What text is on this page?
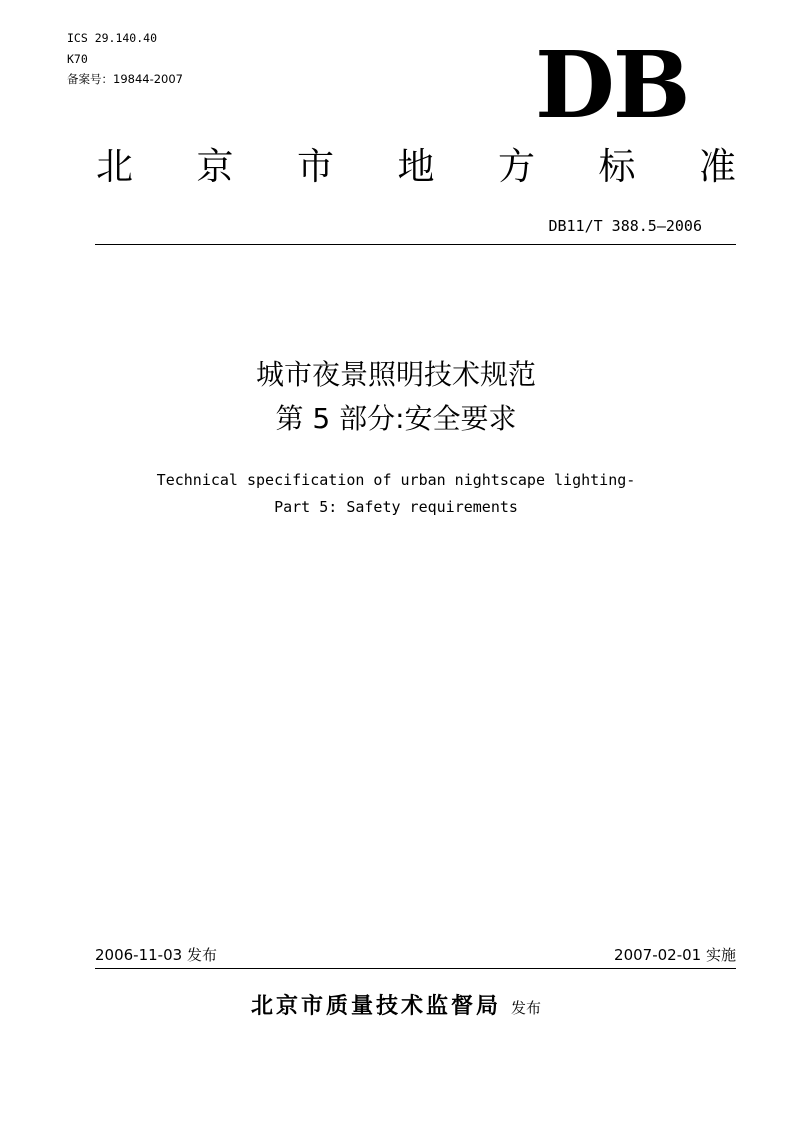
ICS 29.140.40
K70
备案号：19844-2007	DB
北 京 市 地 方 标 准
DB11/T 388.5—2006
城市夜景照明技术规范
第 5 部分:安全要求
Technical specification of urban nightscape lighting-
Part 5: Safety requirements
2006-11-03 发布	2007-02-01 实施
北京市质量技术监督局 发布
